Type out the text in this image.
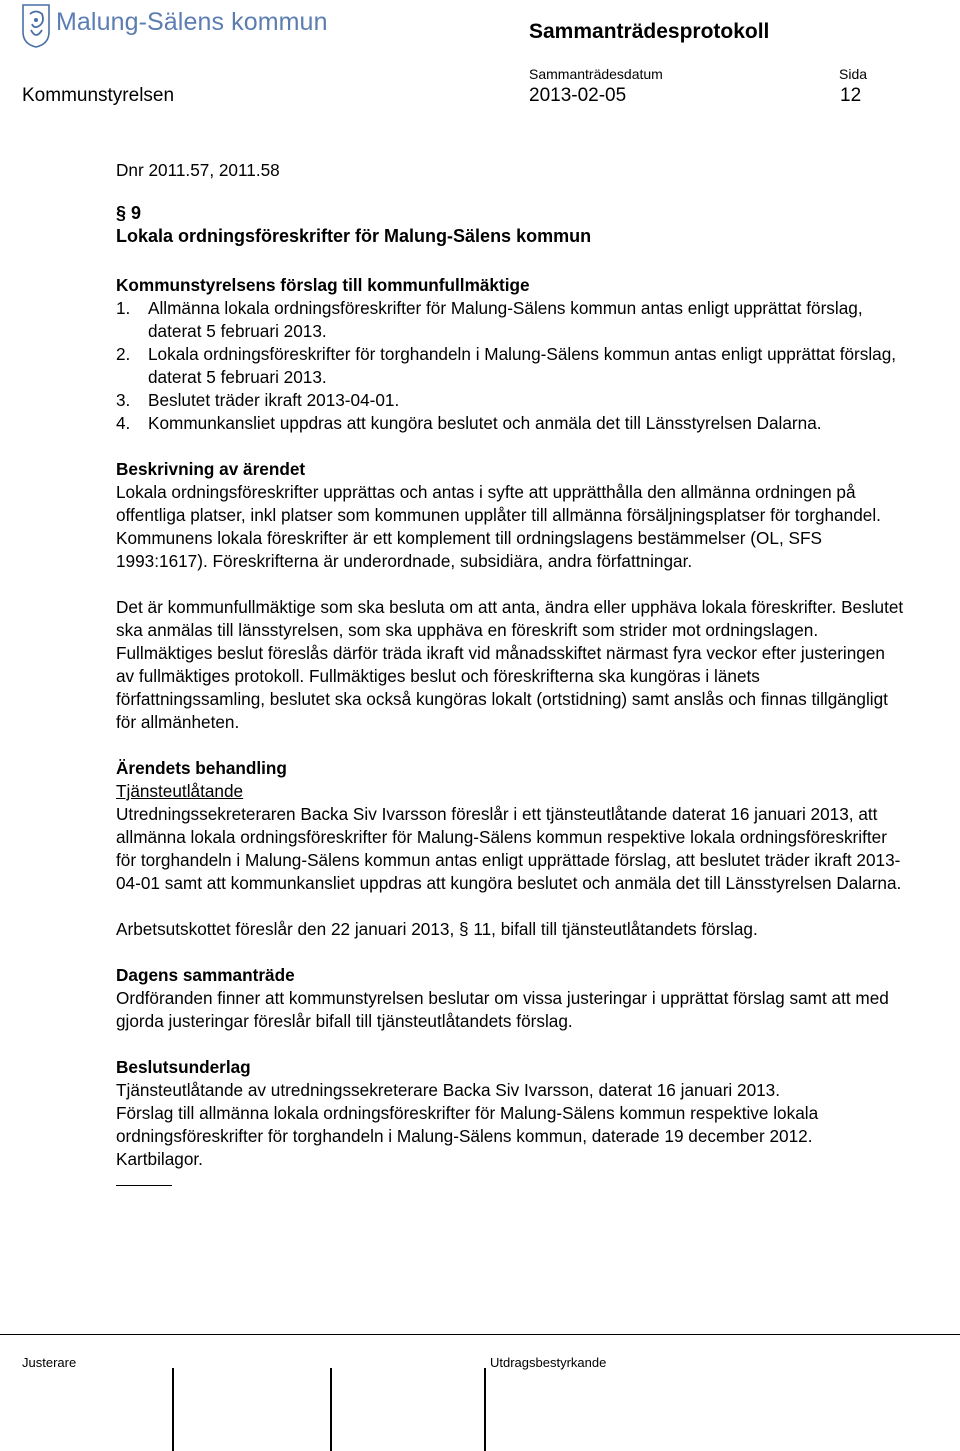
Malung-Sälens kommun	Sammanträdesprotokoll
Sammanträdesdatum	Sida
Kommunstyrelsen	2013-02-05	12

Dnr 2011.57, 2011.58

§ 9

Lokala ordningsföreskrifter för Malung-Sälens kommun

Kommunstyrelsens förslag till kommunfullmäktige

1. Allmänna lokala ordningsföreskrifter för Malung-Sälens kommun antas enligt upprättat förslag, daterat 5 februari 2013.
2. Lokala ordningsföreskrifter för torghandeln i Malung-Sälens kommun antas enligt upprättat förslag, daterat 5 februari 2013.
3. Beslutet träder ikraft 2013-04-01.
4. Kommunkansliet uppdras att kungöra beslutet och anmäla det till Länsstyrelsen Dalarna.

Beskrivning av ärendet

Lokala ordningsföreskrifter upprättas och antas i syfte att upprätthålla den allmänna ordningen på offentliga platser, inkl platser som kommunen upplåter till allmänna försäljningsplatser för torghandel. Kommunens lokala föreskrifter är ett komplement till ordningslagens bestämmelser (OL, SFS 1993:1617). Föreskrifterna är underordnade, subsidiära, andra författningar.

Det är kommunfullmäktige som ska besluta om att anta, ändra eller upphäva lokala föreskrifter. Beslutet ska anmälas till länsstyrelsen, som ska upphäva en föreskrift som strider mot ordningslagen. Fullmäktiges beslut föreslås därför träda ikraft vid månadsskiftet närmast fyra veckor efter justeringen av fullmäktiges protokoll. Fullmäktiges beslut och föreskrifterna ska kungöras i länets författningssamling, beslutet ska också kungöras lokalt (ortstidning) samt anslås och finnas tillgängligt för allmänheten.

Ärendets behandling

Tjänsteutlåtande

Utredningssekreteraren Backa Siv Ivarsson föreslår i ett tjänsteutlåtande daterat 16 januari 2013, att allmänna lokala ordningsföreskrifter för Malung-Sälens kommun respektive lokala ordningsföreskrifter för torghandeln i Malung-Sälens kommun antas enligt upprättade förslag, att beslutet träder ikraft 2013-04-01 samt att kommunkansliet uppdras att kungöra beslutet och anmäla det till Länsstyrelsen Dalarna.

Arbetsutskottet föreslår den 22 januari 2013, § 11, bifall till tjänsteutlåtandets förslag.

Dagens sammanträde

Ordföranden finner att kommunstyrelsen beslutar om vissa justeringar i upprättat förslag samt att med gjorda justeringar föreslår bifall till tjänsteutlåtandets förslag.

Beslutsunderlag

Tjänsteutlåtande av utredningssekreterare Backa Siv Ivarsson, daterat 16 januari 2013.

Förslag till allmänna lokala ordningsföreskrifter för Malung-Sälens kommun respektive lokala ordningsföreskrifter för torghandeln i Malung-Sälens kommun, daterade 19 december 2012.

Kartbilagor.

Justerare	Utdragsbestyrkande
